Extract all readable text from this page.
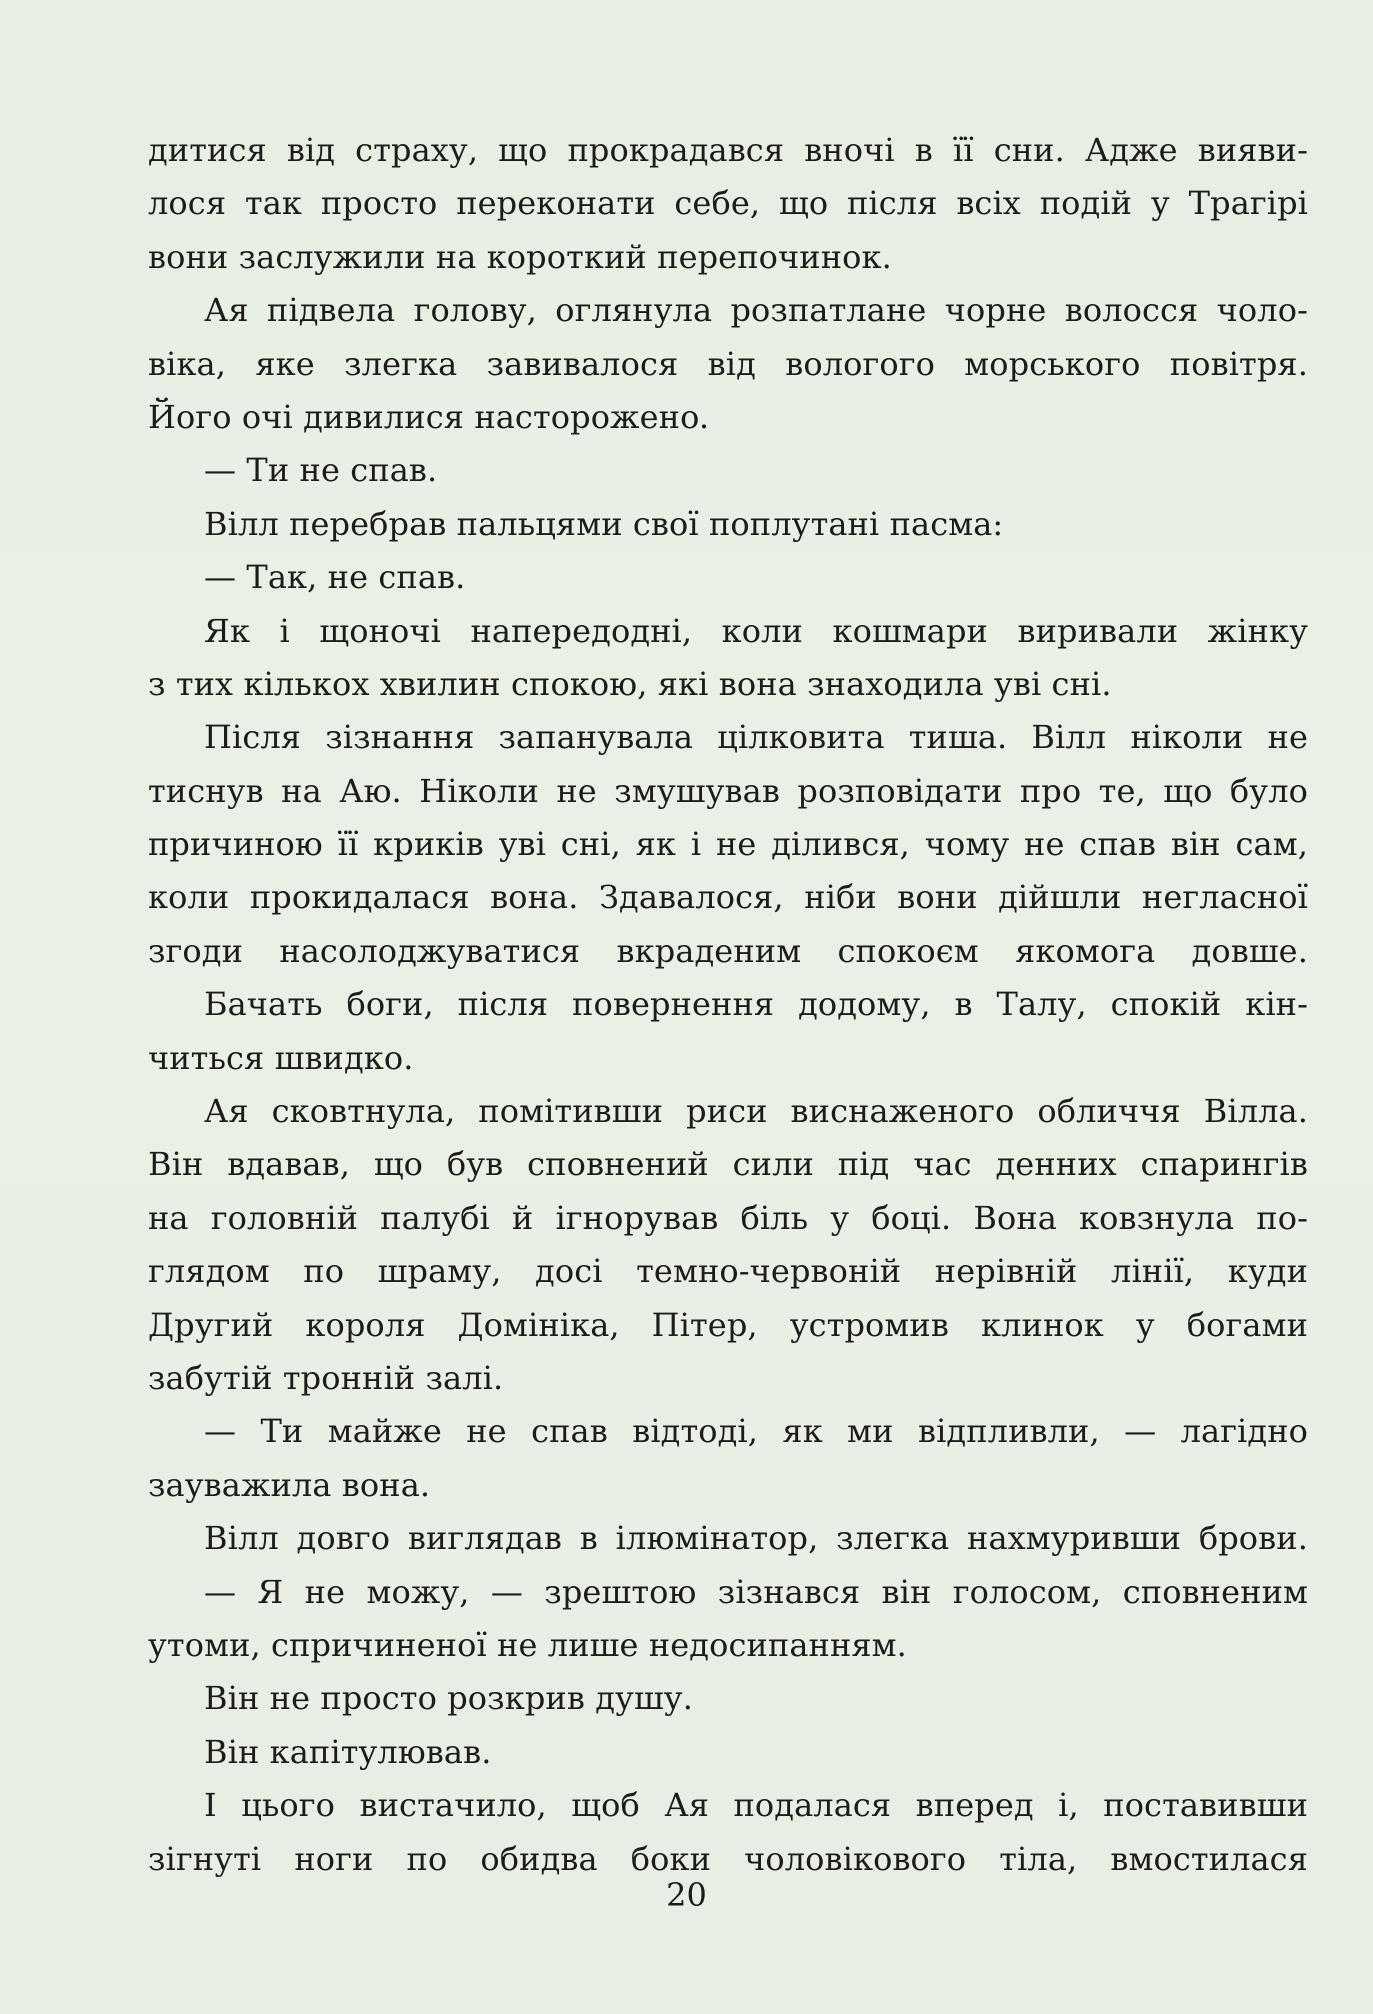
дитися від страху, що прокрадався вночі в її сни. Адже вияви-
лося так просто переконати себе, що після всіх подій у Трагірі
вони заслужили на короткий перепочинок.
Ая підвела голову, оглянула розпатлане чорне волосся чоло-
віка, яке злегка завивалося від вологого морського повітря.
Його очі дивилися настороженo.
— Ти не спав.
Вілл перебрав пальцями свої поплутані пасма:
— Так, не спав.
Як і щоночі напередодні, коли кошмари виривали жінку
з тих кількох хвилин спокою, які вона знаходила уві сні.
Після зізнання запанувала цілковита тиша. Вілл ніколи не
тиснув на Аю. Ніколи не змушував розповідати про те, що було
причиною її криків уві сні, як і не ділився, чому не спав він сам,
коли прокидалася вона. Здавалося, ніби вони дійшли негласної
згоди насолоджуватися вкраденим спокоєм якомога довше.
Бачать боги, після повернення додому, в Талу, спокій кін-
читься швидко.
Ая сковтнула, помітивши риси виснаженого обличчя Вілла.
Він вдавав, що був сповнений сили під час денних спарингів
на головній палубі й ігнорував біль у боці. Вона ковзнула по-
глядом по шраму, досі темно-червоній нерівній лінії, куди
Другий короля Домініка, Пітер, устромив клинок у богами
забутій тронній залі.
— Ти майже не спав відтоді, як ми відпливли, — лагідно
зауважила вона.
Вілл довго виглядав в ілюмінатор, злегка нахмуривши брови.
— Я не можу, — зрештою зізнався він голосом, сповненим
утоми, спричиненої не лише недосипанням.
Він не просто розкрив душу.
Він капітулював.
І цього вистачило, щоб Ая подалася вперед і, поставивши
зігнуті ноги по обидва боки чоловікового тіла, вмостилася
20
